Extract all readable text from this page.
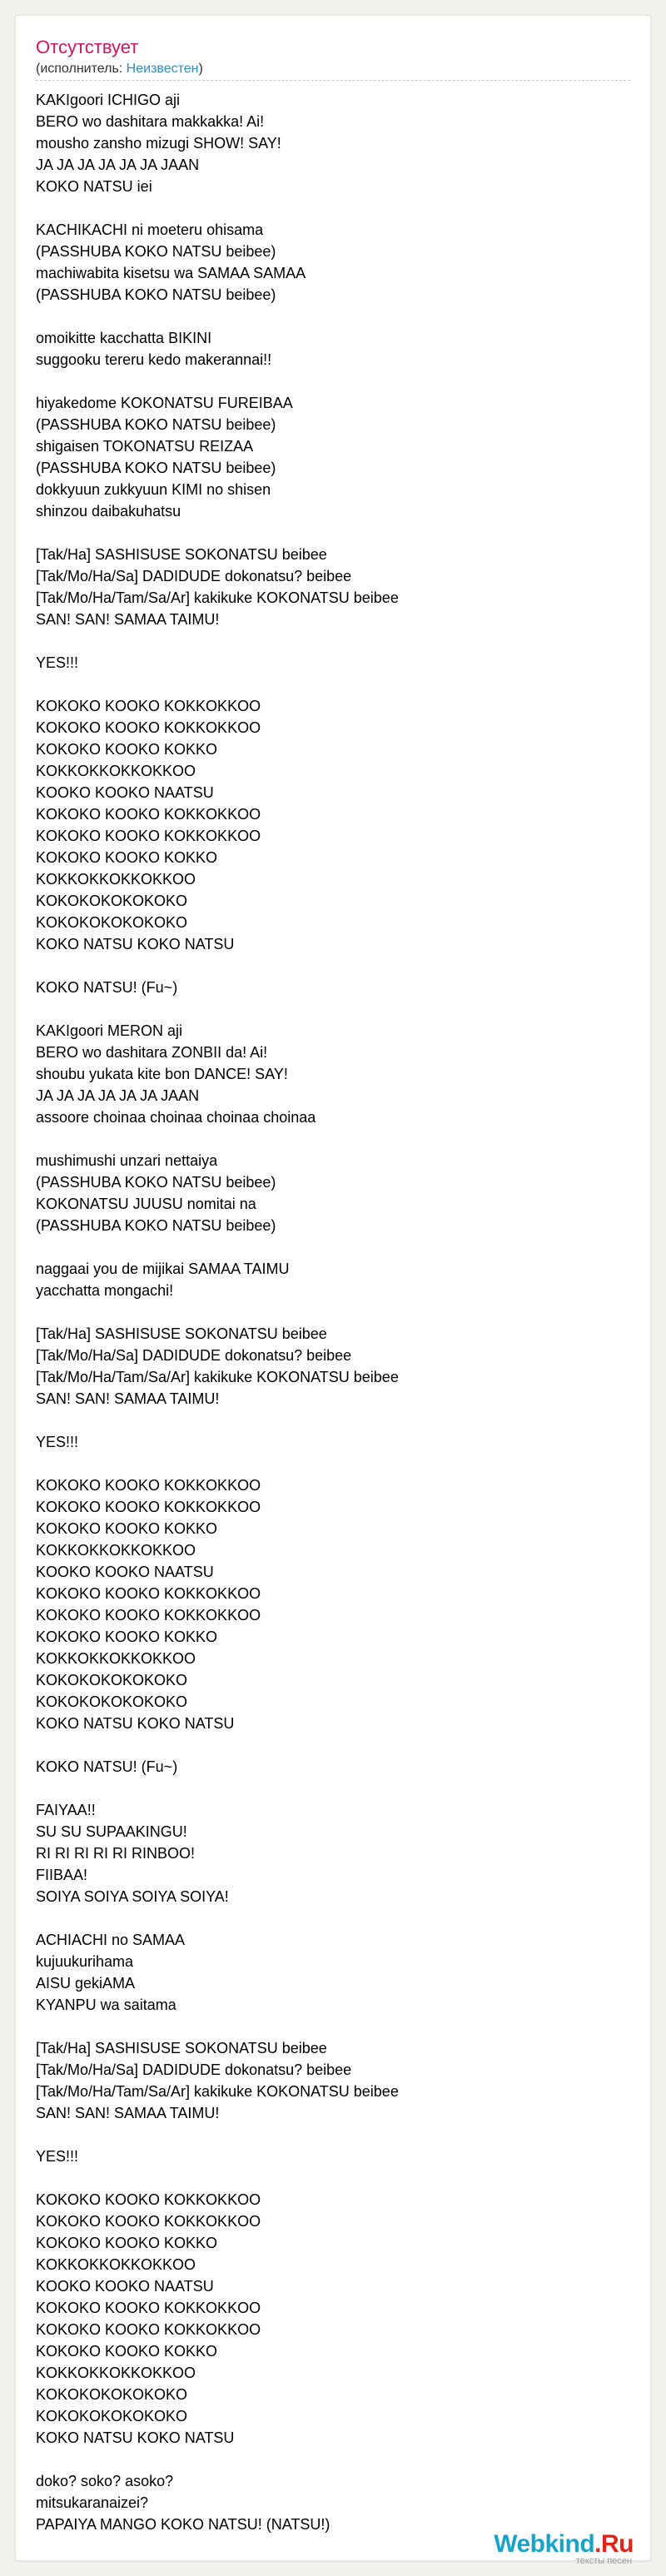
Отсутствует
(исполнитель: Неизвестен)
KAKIgoori ICHIGO aji
BERO wo dashitara makkakka! Ai!
mousho zansho mizugi SHOW! SAY!
JA JA JA JA JA JA JAAN
KOKO NATSU iei
KACHIKACHI ni moeteru ohisama
(PASSHUBA KOKO NATSU beibee)
machiwabita kisetsu wa SAMAA SAMAA
(PASSHUBA KOKO NATSU beibee)
omoikitte kacchatta BIKINI
suggooku tereru kedo makerannai!!
hiyakedome KOKONATSU FUREIBAA
(PASSHUBA KOKO NATSU beibee)
shigaisen TOKONATSU REIZAA
(PASSHUBA KOKO NATSU beibee)
dokkyuun zukkyuun KIMI no shisen
shinzou daibakuhatsu
[Tak/Ha] SASHISUSE SOKONATSU beibee
[Tak/Mo/Ha/Sa] DADIDUDE dokonatsu? beibee
[Tak/Mo/Ha/Tam/Sa/Ar] kakikuke KOKONATSU beibee
SAN! SAN! SAMAA TAIMU!
YES!!!
KOKOKO KOOKO KOKKOKKOO
KOKOKO KOOKO KOKKOKKOO
KOKOKO KOOKO KOKKO
KOKKOKKOKKOKKOO
KOOKO KOOKO NAATSU
KOKOKO KOOKO KOKKOKKOO
KOKOKO KOOKO KOKKOKKOO
KOKOKO KOOKO KOKKO
KOKKOKKOKKOKKOO
KOKOKOKOKOKOKO
KOKOKOKOKOKOKO
KOKO NATSU KOKO NATSU
KOKO NATSU! (Fu~)
KAKIgoori MERON aji
BERO wo dashitara ZONBII da! Ai!
shoubu yukata kite bon DANCE! SAY!
JA JA JA JA JA JA JAAN
assoore choinaa choinaa choinaa choinaa
mushimushi unzari nettaiya
(PASSHUBA KOKO NATSU beibee)
KOKONATSU JUUSU nomitai na
(PASSHUBA KOKO NATSU beibee)
naggaai you de mijikai SAMAA TAIMU
yacchatta mongachi!
[Tak/Ha] SASHISUSE SOKONATSU beibee
[Tak/Mo/Ha/Sa] DADIDUDE dokonatsu? beibee
[Tak/Mo/Ha/Tam/Sa/Ar] kakikuke KOKONATSU beibee
SAN! SAN! SAMAA TAIMU!
YES!!!
KOKOKO KOOKO KOKKOKKOO
KOKOKO KOOKO KOKKOKKOO
KOKOKO KOOKO KOKKO
KOKKOKKOKKOKKOO
KOOKO KOOKO NAATSU
KOKOKO KOOKO KOKKOKKOO
KOKOKO KOOKO KOKKOKKOO
KOKOKO KOOKO KOKKO
KOKKOKKOKKOKKOO
KOKOKOKOKOKOKO
KOKOKOKOKOKOKO
KOKO NATSU KOKO NATSU
KOKO NATSU! (Fu~)
FAIYAA!!
SU SU SUPAAKINGU!
RI RI RI RI RI RINBOO!
FIIBAA!
SOIYA SOIYA SOIYA SOIYA!
ACHIACHI no SAMAA
kujuukurihama
AISU gekiAMA
KYANPU wa saitama
[Tak/Ha] SASHISUSE SOKONATSU beibee
[Tak/Mo/Ha/Sa] DADIDUDE dokonatsu? beibee
[Tak/Mo/Ha/Tam/Sa/Ar] kakikuke KOKONATSU beibee
SAN! SAN! SAMAA TAIMU!
YES!!!
KOKOKO KOOKO KOKKOKKOO
KOKOKO KOOKO KOKKOKKOO
KOKOKO KOOKO KOKKO
KOKKOKKOKKOKKOO
KOOKO KOOKO NAATSU
KOKOKO KOOKO KOKKOKKOO
KOKOKO KOOKO KOKKOKKOO
KOKOKO KOOKO KOKKO
KOKKOKKOKKOKKOO
KOKOKOKOKOKOKO
KOKOKOKOKOKOKO
KOKO NATSU KOKO NATSU
doko? soko? asoko?
mitsukaranaizei?
PAPAIYA MANGO KOKO NATSU! (NATSU!)
Webkind.Ru
тексты песен
